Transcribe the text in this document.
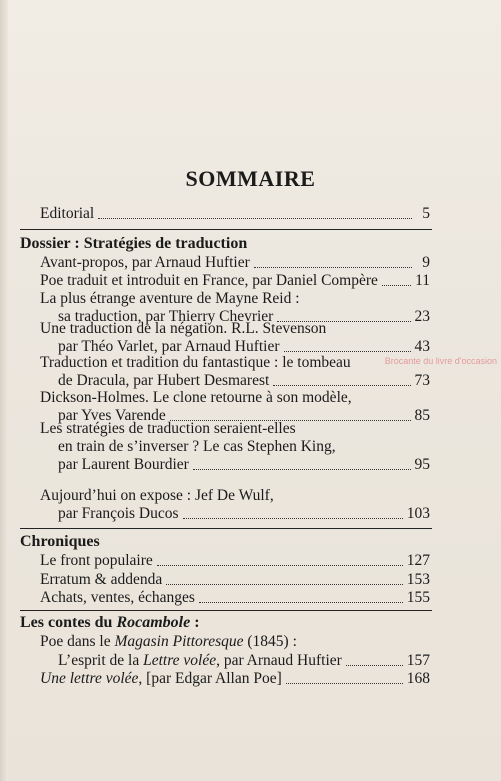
Brocante du livre d'occasion
SOMMAIRE
Editorial	5
Dossier : Stratégies de traduction
Avant-propos, par Arnaud Huftier	9
Poe traduit et introduit en France, par Daniel Compère 11
La plus étrange aventure de Mayne Reid :
sa traduction, par Thierry Chevrier	23
Une traduction de la négation. R.L. Stevenson
par Théo Varlet, par Arnaud Huftier	43
Traduction et tradition du fantastique : le tombeau
de Dracula, par Hubert Desmarest	73
Dickson-Holmes. Le clone retourne à son modèle,
par Yves Varende	85
Les stratégies de traduction seraient-elles
en train de s’inverser ? Le cas Stephen King,
par Laurent Bourdier	95
Aujourd’hui on expose : Jef De Wulf,
par François Ducos	103
Chroniques
Le front populaire	127
Erratum & addenda	153
Achats, ventes, échanges	155
Les contes du Rocambole :
Poe dans le Magasin Pittoresque (1845) :
L’esprit de la Lettre volée, par Arnaud Huftier	157
Une lettre volée, [par Edgar Allan Poe]	168
